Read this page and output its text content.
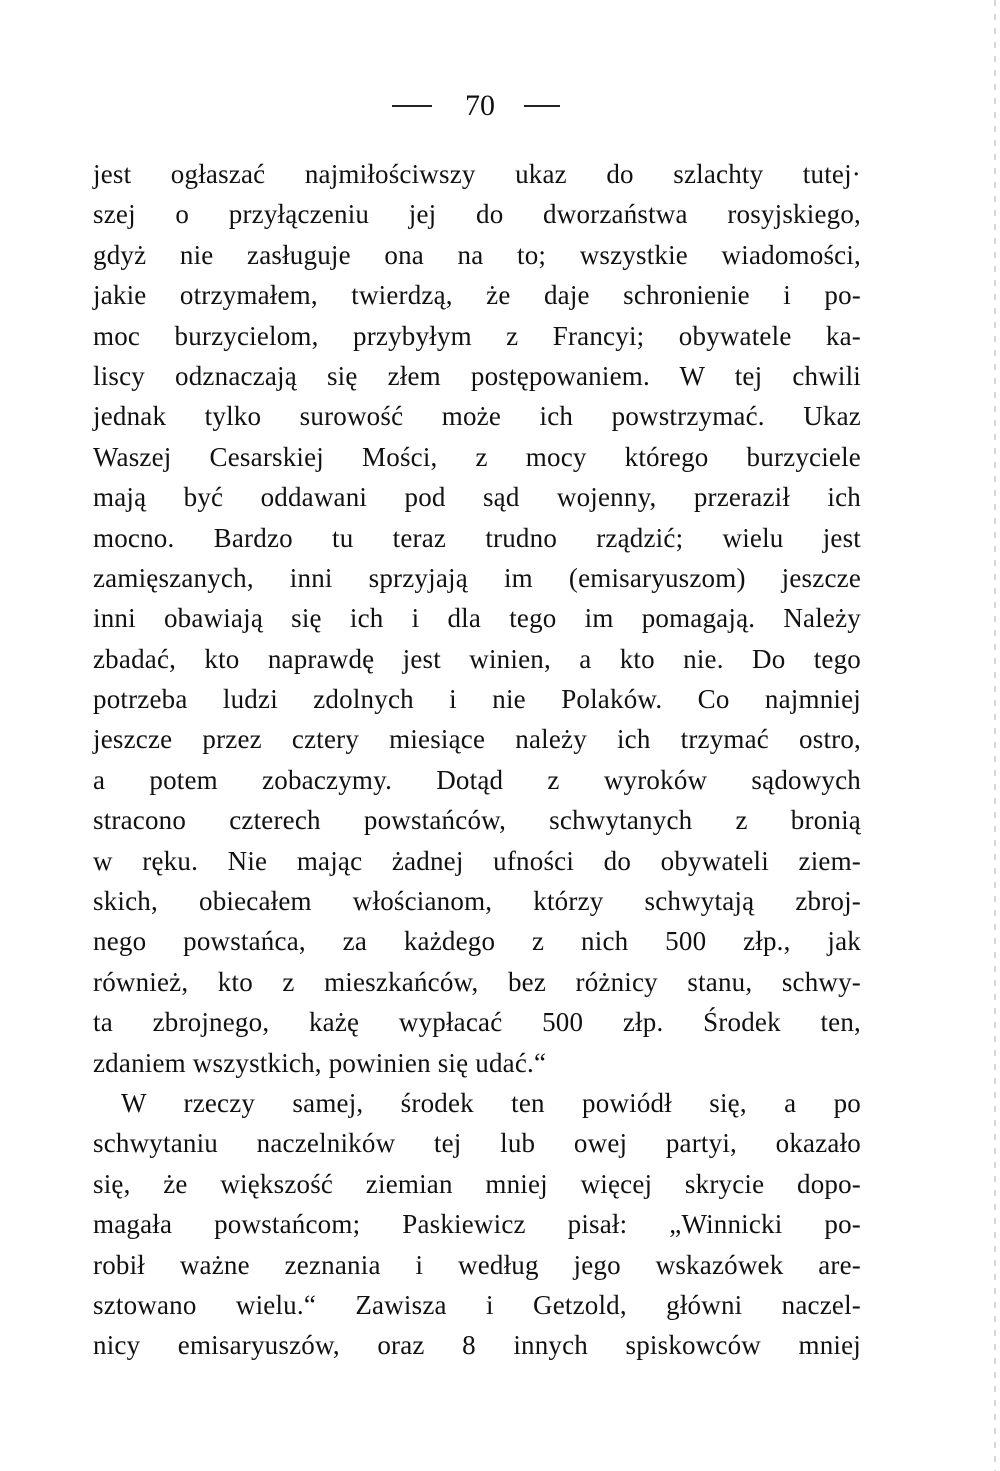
70
jest ogłaszać najmiłościwszy ukaz do szlachty tutej·
szej o przyłączeniu jej do dworzaństwa rosyjskiego,
gdyż nie zasługuje ona na to; wszystkie wiadomości,
jakie otrzymałem, twierdzą, że daje schronienie i po-
moc burzycielom, przybyłym z Francyi; obywatele ka-
liscy odznaczają się złem postępowaniem. W tej chwili
jednak tylko surowość może ich powstrzymać. Ukaz
Waszej Cesarskiej Mości, z mocy którego burzyciele
mają być oddawani pod sąd wojenny, przeraził ich
mocno. Bardzo tu teraz trudno rządzić; wielu jest
zamięszanych, inni sprzyjają im (emisaryuszom) jeszcze
inni obawiają się ich i dla tego im pomagają. Należy
zbadać, kto naprawdę jest winien, a kto nie. Do tego
potrzeba ludzi zdolnych i nie Polaków. Co najmniej
jeszcze przez cztery miesiące należy ich trzymać ostro,
a potem zobaczymy. Dotąd z wyroków sądowych
stracono czterech powstańców, schwytanych z bronią
w ręku. Nie mając żadnej ufności do obywateli ziem-
skich, obiecałem włościanom, którzy schwytają zbroj-
nego powstańca, za każdego z nich 500 złp., jak
również, kto z mieszkańców, bez różnicy stanu, schwy-
ta zbrojnego, każę wypłacać 500 złp. Środek ten,
zdaniem wszystkich, powinien się udać.“
W rzeczy samej, środek ten powiódł się, a po
schwytaniu naczelników tej lub owej partyi, okazało
się, że większość ziemian mniej więcej skrycie dopo-
magała powstańcom; Paskiewicz pisał: „Winnicki po-
robił ważne zeznania i według jego wskazówek are-
sztowano wielu.“ Zawisza i Getzold, główni naczel-
nicy emisaryuszów, oraz 8 innych spiskowców mniej
